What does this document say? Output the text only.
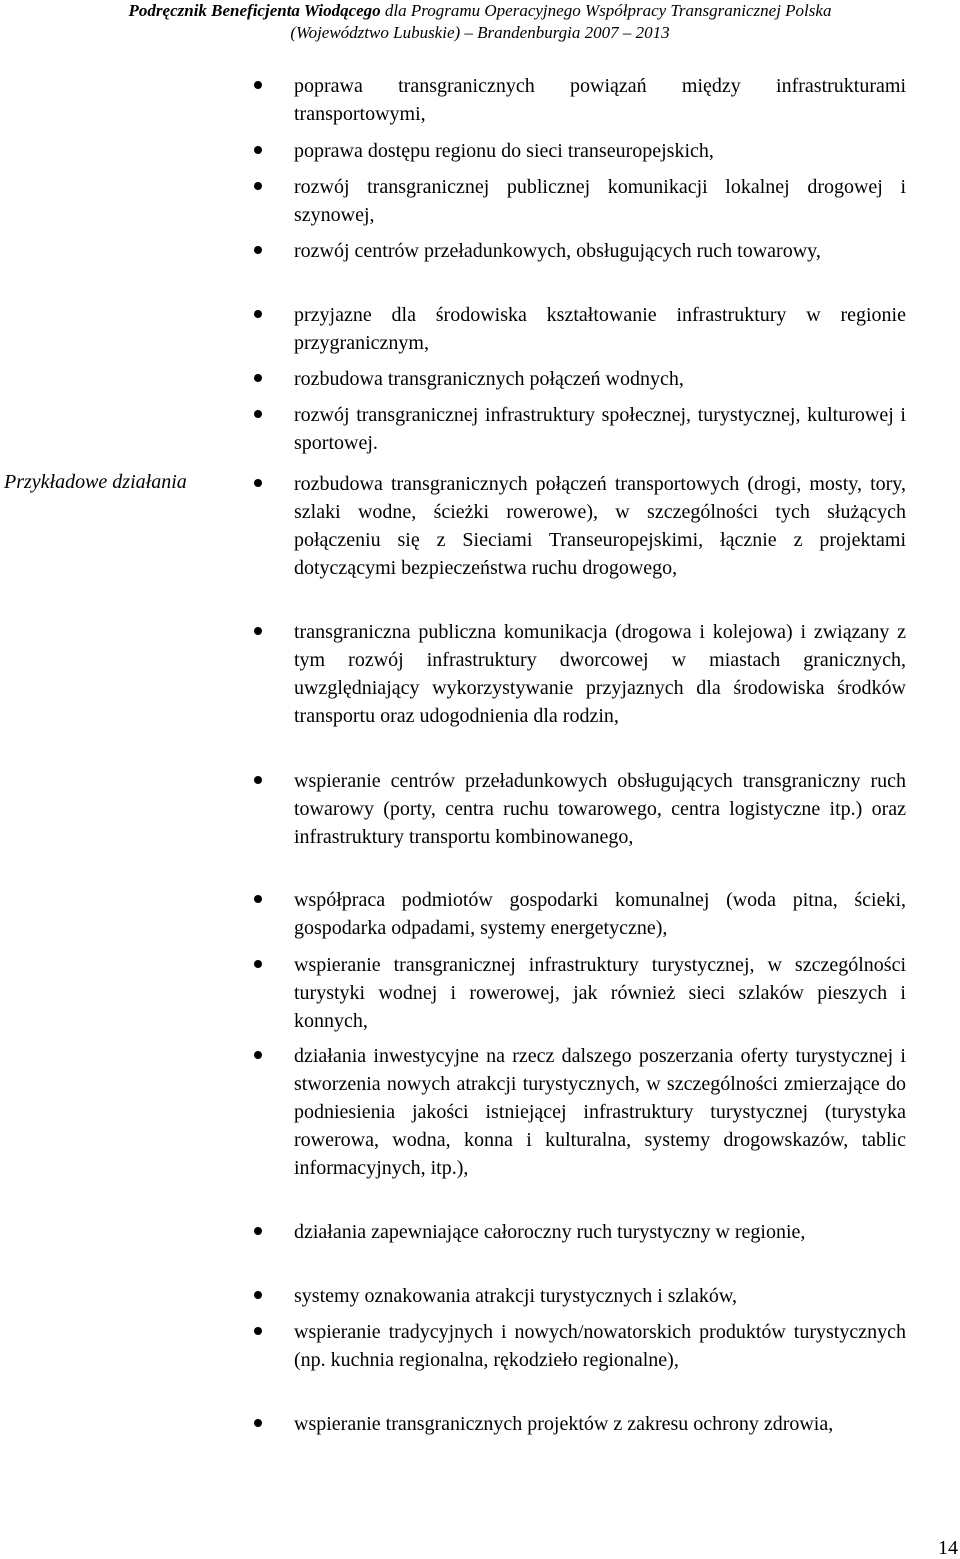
Podręcznik Beneficjenta Wiodącego dla Programu Operacyjnego Współpracy Transgranicznej Polska
(Województwo Lubuskie) – Brandenburgia 2007 – 2013
Przykładowe działania
poprawa transgranicznych powiązań między infrastrukturami transportowymi,
poprawa dostępu regionu do sieci transeuropejskich,
rozwój transgranicznej publicznej komunikacji lokalnej drogowej i szynowej,
rozwój centrów przeładunkowych, obsługujących ruch towarowy,
przyjazne dla środowiska kształtowanie infrastruktury w regionie przygranicznym,
rozbudowa transgranicznych połączeń wodnych,
rozwój transgranicznej infrastruktury społecznej, turystycznej, kulturowej i sportowej.
rozbudowa transgranicznych połączeń transportowych (drogi, mosty, tory, szlaki wodne, ścieżki rowerowe), w szczególności tych służących połączeniu się z Sieciami Transeuropejskimi, łącznie z projektami dotyczącymi bezpieczeństwa ruchu drogowego,
transgraniczna publiczna komunikacja (drogowa i kolejowa) i związany z tym rozwój infrastruktury dworcowej w miastach granicznych, uwzględniający wykorzystywanie przyjaznych dla środowiska środków transportu oraz udogodnienia dla rodzin,
wspieranie centrów przeładunkowych obsługujących transgraniczny ruch towarowy (porty, centra ruchu towarowego, centra logistyczne itp.) oraz infrastruktury transportu kombinowanego,
współpraca podmiotów gospodarki komunalnej (woda pitna, ścieki, gospodarka odpadami, systemy energetyczne),
wspieranie transgranicznej infrastruktury turystycznej, w szczególności turystyki wodnej i rowerowej, jak również sieci szlaków pieszych i konnych,
działania inwestycyjne na rzecz dalszego poszerzania oferty turystycznej i stworzenia nowych atrakcji turystycznych, w szczególności zmierzające do podniesienia jakości istniejącej infrastruktury turystycznej (turystyka rowerowa, wodna, konna i kulturalna, systemy drogowskazów, tablic informacyjnych, itp.),
działania zapewniające całoroczny ruch turystyczny w regionie,
systemy oznakowania atrakcji turystycznych i szlaków,
wspieranie tradycyjnych i nowych/nowatorskich produktów turystycznych (np. kuchnia regionalna, rękodzieło regionalne),
wspieranie transgranicznych projektów z zakresu ochrony zdrowia,
14
